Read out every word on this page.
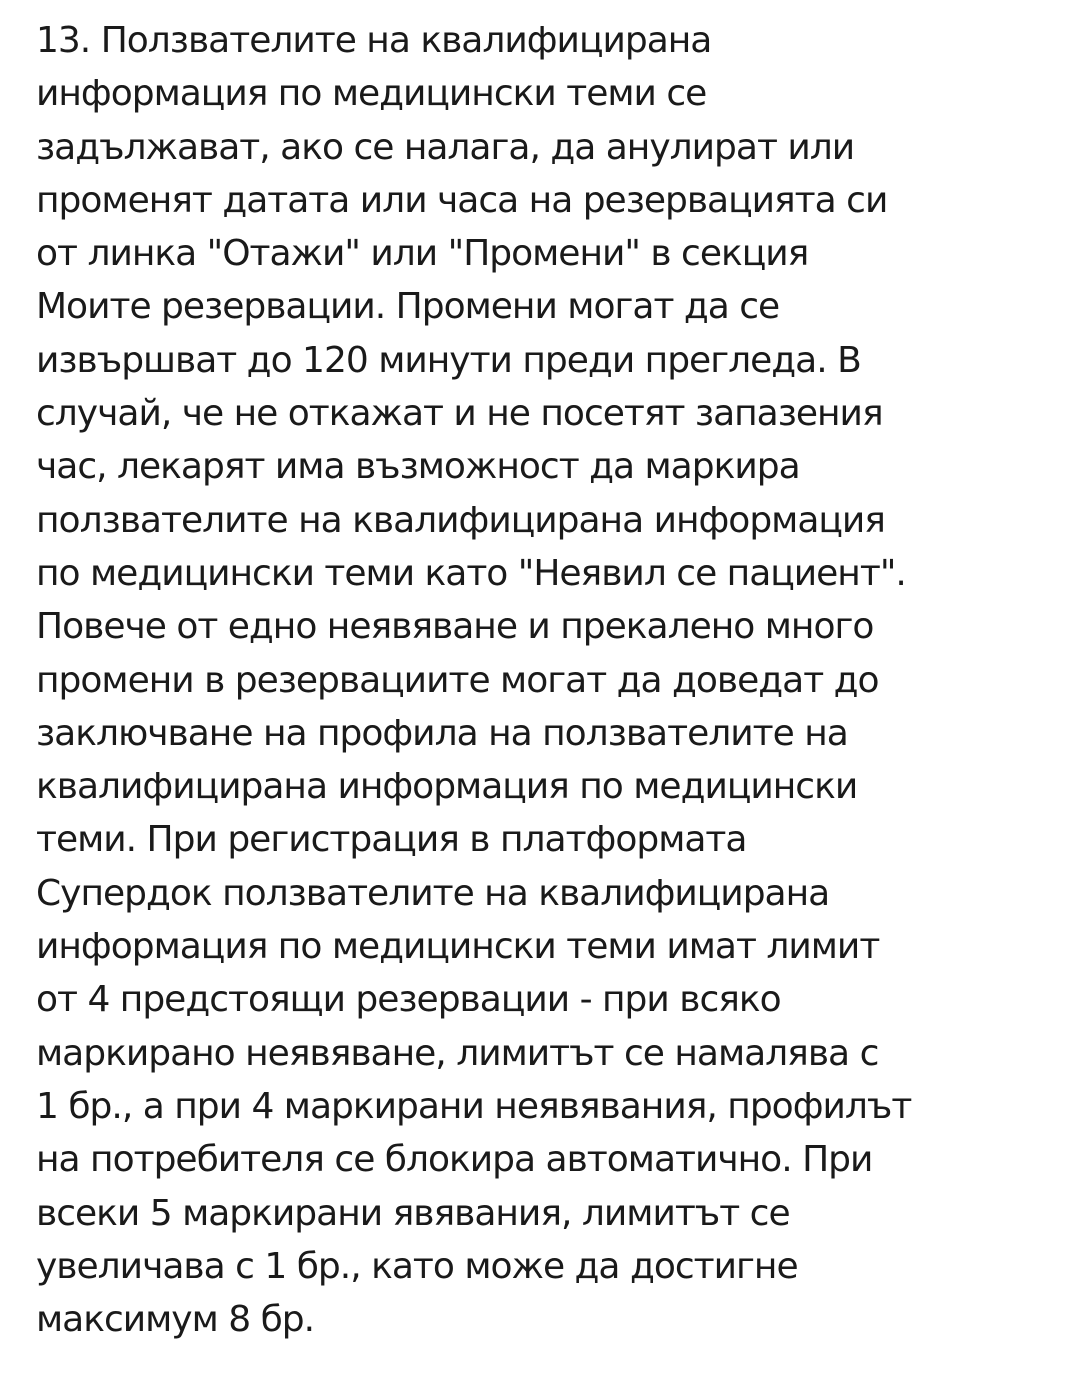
13. Ползвателите на квалифицирана
информация по медицински теми се
задължават, ако се налага, да анулират или
променят датата или часа на резервацията си
от линка "Отажи" или "Промени" в секция
Моите резервации. Промени могат да се
извършват до 120 минути преди прегледа. В
случай, че не откажат и не посетят запазения
час, лекарят има възможност да маркира
ползвателите на квалифицирана информация
по медицински теми като "Неявил се пациент".
Повече от едно неявяване и прекалено много
промени в резервациите могат да доведат до
заключване на профила на ползвателите на
квалифицирана информация по медицински
теми. При регистрация в платформата
Супердок ползвателите на квалифицирана
информация по медицински теми имат лимит
от 4 предстоящи резервации - при всяко
маркирано неявяване, лимитът се намалява с
1 бр., а при 4 маркирани неявявания, профилът
на потребителя се блокира автоматично. При
всеки 5 маркирани явявания, лимитът се
увеличава с 1 бр., като може да достигне
максимум 8 бр.
